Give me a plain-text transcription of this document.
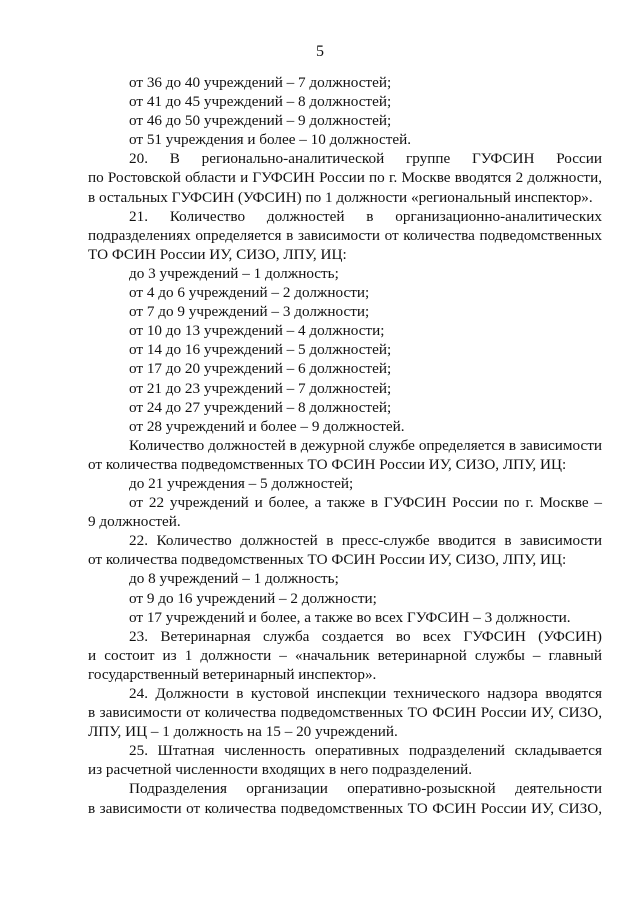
5

от 36 до 40 учреждений – 7 должностей;

от 41 до 45 учреждений – 8 должностей;

от 46 до 50 учреждений – 9 должностей;

от 51 учреждения и более – 10 должностей.

20. В регионально-аналитической группе ГУФСИН России
по Ростовской области и ГУФСИН России по г. Москве вводятся 2 должности,
в остальных ГУФСИН (УФСИН) по 1 должности «региональный инспектор».
21. Количество должностей в организационно-аналитических
подразделениях определяется в зависимости от количества подведомственных
ТО ФСИН России ИУ, СИЗО, ЛПУ, ИЦ:

до 3 учреждений – 1 должность;

от 4 до 6 учреждений – 2 должности;

от 7 до 9 учреждений – 3 должности;

от 10 до 13 учреждений – 4 должности;

от 14 до 16 учреждений – 5 должностей;

от 17 до 20 учреждений – 6 должностей;

от 21 до 23 учреждений – 7 должностей;

от 24 до 27 учреждений – 8 должностей;

от 28 учреждений и более – 9 должностей.

Количество должностей в дежурной службе определяется в зависимости
от количества подведомственных ТО ФСИН России ИУ, СИЗО, ЛПУ, ИЦ:

до 21 учреждения – 5 должностей;

от 22 учреждений и более, а также в ГУФСИН России по г. Москве –
9 должностей.
22. Количество должностей в пресс-службе вводится в зависимости
от количества подведомственных ТО ФСИН России ИУ, СИЗО, ЛПУ, ИЦ:

до 8 учреждений – 1 должность;

от 9 до 16 учреждений – 2 должности;

от 17 учреждений и более, а также во всех ГУФСИН – 3 должности.

23. Ветеринарная служба создается во всех ГУФСИН (УФСИН)
и состоит из 1 должности – «начальник ветеринарной службы – главный
государственный ветеринарный инспектор».
24. Должности в кустовой инспекции технического надзора вводятся
в зависимости от количества подведомственных ТО ФСИН России ИУ, СИЗО,
ЛПУ, ИЦ – 1 должность на 15 – 20 учреждений.
25. Штатная численность оперативных подразделений складывается
из расчетной численности входящих в него подразделений.
Подразделения организации оперативно-розыскной деятельности
в зависимости от количества подведомственных ТО ФСИН России ИУ, СИЗО,
